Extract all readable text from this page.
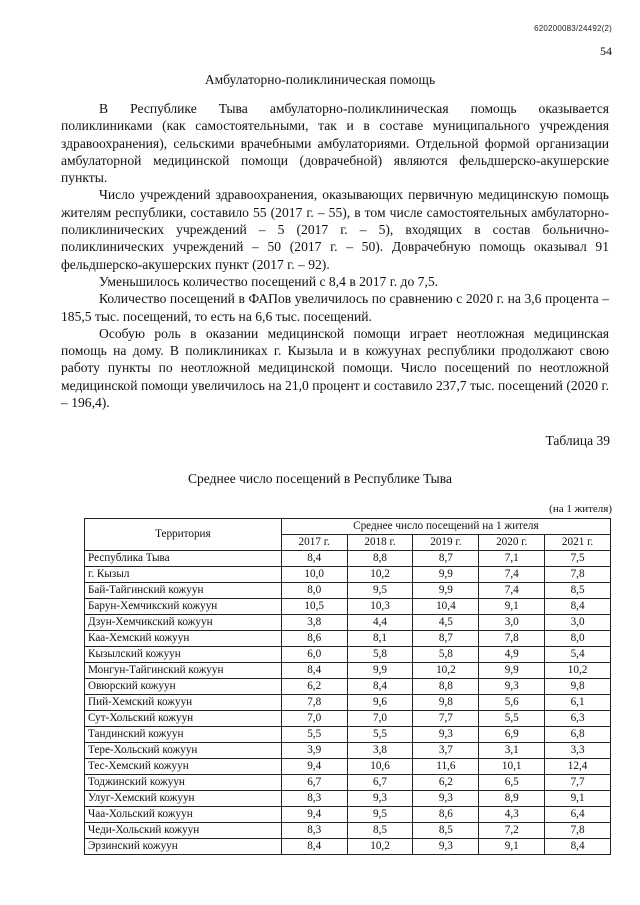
620200083/24492(2)
54
Амбулаторно-поликлиническая помощь

В Республике Тыва амбулаторно-поликлиническая помощь оказывается поликлиниками (как самостоятельными, так и в составе муниципального учреждения здравоохранения), сельскими врачебными амбулаториями. Отдельной формой организации амбулаторной медицинской помощи (доврачебной) являются фельдшерско-акушерские пункты.

Число учреждений здравоохранения, оказывающих первичную медицинскую помощь жителям республики, составило 55 (2017 г. – 55), в том числе самостоятельных амбулаторно-поликлинических учреждений – 5 (2017 г. – 5), входящих в состав больнично-поликлинических учреждений – 50 (2017 г. – 50). Доврачебную помощь оказывал 91 фельдшерско-акушерских пункт (2017 г. – 92).

Уменьшилось количество посещений с 8,4 в 2017 г. до 7,5.

Количество посещений в ФАПов увеличилось по сравнению с 2020 г. на 3,6 процента – 185,5 тыс. посещений, то есть на 6,6 тыс. посещений.

Особую роль в оказании медицинской помощи играет неотложная медицинская помощь на дому. В поликлиниках г. Кызыла и в кожуунах республики продолжают свою работу пункты по неотложной медицинской помощи. Число посещений по неотложной медицинской помощи увеличилось на 21,0 процент и составило 237,7 тыс. посещений (2020 г. – 196,4).

Таблица 39
Среднее число посещений в Республике Тыва
(на 1 жителя)
Территория	Среднее число посещений на 1 жителя				
	2017 г.	2018 г.	2019 г.	2020 г.	2021 г.
Республика Тыва	8,4	8,8	8,7	7,1	7,5
г. Кызыл	10,0	10,2	9,9	7,4	7,8
Бай-Тайгинский кожуун	8,0	9,5	9,9	7,4	8,5
Барун-Хемчикский кожуун	10,5	10,3	10,4	9,1	8,4
Дзун-Хемчикский кожуун	3,8	4,4	4,5	3,0	3,0
Каа-Хемский кожуун	8,6	8,1	8,7	7,8	8,0
Кызылский кожуун	6,0	5,8	5,8	4,9	5,4
Монгун-Тайгинский кожуун	8,4	9,9	10,2	9,9	10,2
Овюрский кожуун	6,2	8,4	8,8	9,3	9,8
Пий-Хемский кожуун	7,8	9,6	9,8	5,6	6,1
Сут-Хольский кожуун	7,0	7,0	7,7	5,5	6,3
Тандинский кожуун	5,5	5,5	9,3	6,9	6,8
Тере-Хольский кожуун	3,9	3,8	3,7	3,1	3,3
Тес-Хемский кожуун	9,4	10,6	11,6	10,1	12,4
Тоджинский кожуун	6,7	6,7	6,2	6,5	7,7
Улуг-Хемский кожуун	8,3	9,3	9,3	8,9	9,1
Чаа-Хольский кожуун	9,4	9,5	8,6	4,3	6,4
Чеди-Хольский кожуун	8,3	8,5	8,5	7,2	7,8
Эрзинский кожуун	8,4	10,2	9,3	9,1	8,4
